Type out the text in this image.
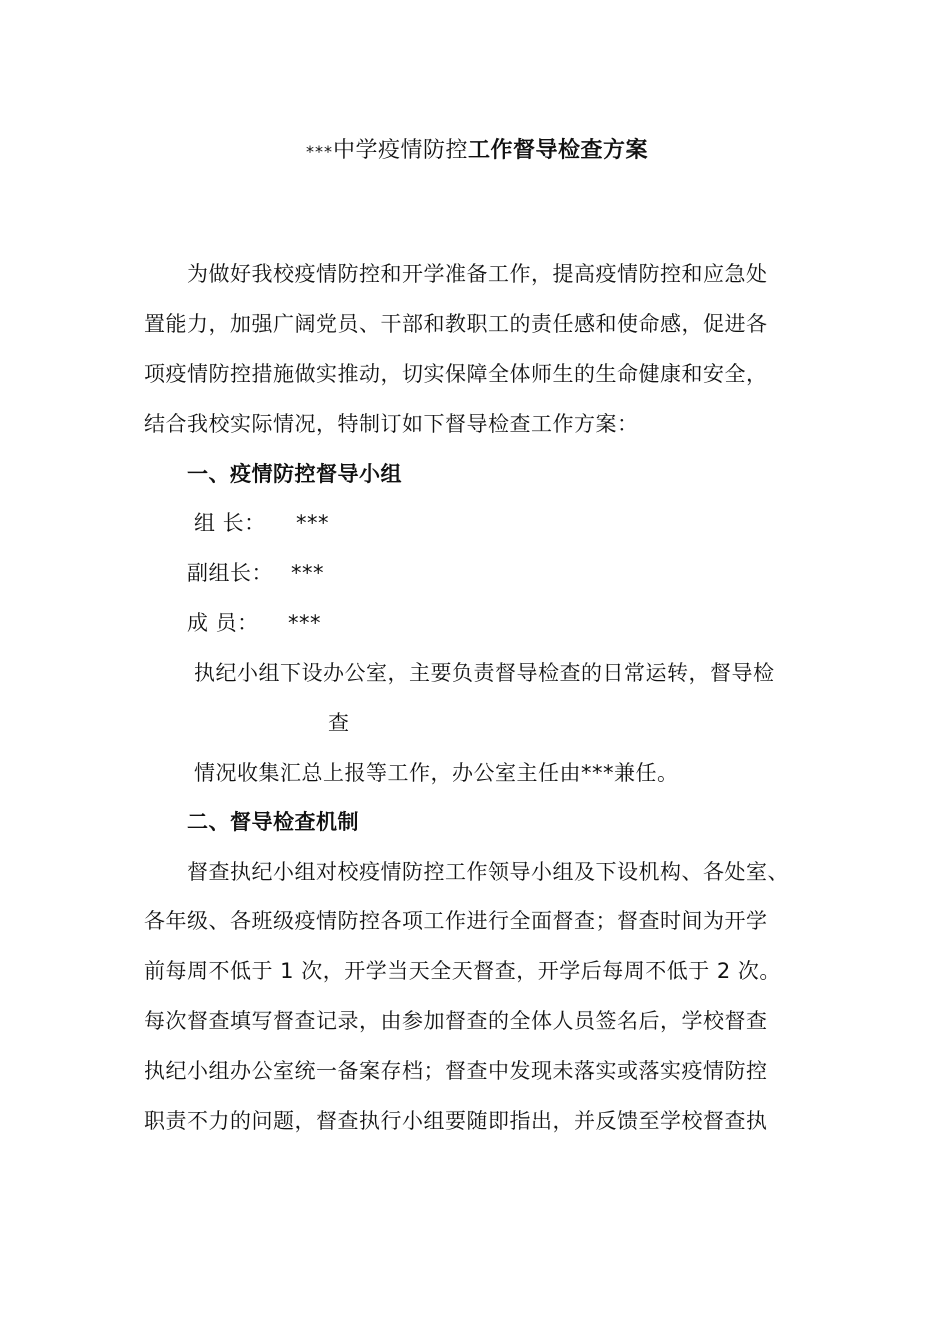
***中学疫情防控工作督导检查方案
为做好我校疫情防控和开学准备工作，提高疫情防控和应急处
置能力，加强广阔党员、干部和教职工的责任感和使命感，促进各
项疫情防控措施做实推动，切实保障全体师生的生命健康和安全，
结合我校实际情况，特制订如下督导检查工作方案：
一、疫情防控督导小组
组 长： ***
副组长： ***
成 员： ***
执纪小组下设办公室，主要负责督导检查的日常运转，督导检
查
情况收集汇总上报等工作，办公室主任由***兼任。
二、督导检查机制
督查执纪小组对校疫情防控工作领导小组及下设机构、各处室、
各年级、各班级疫情防控各项工作进行全面督查；督查时间为开学
前每周不低于 1 次，开学当天全天督查，开学后每周不低于 2 次。
每次督查填写督查记录，由参加督查的全体人员签名后，学校督查
执纪小组办公室统一备案存档；督查中发现未落实或落实疫情防控
职责不力的问题，督查执行小组要随即指出，并反馈至学校督查执
